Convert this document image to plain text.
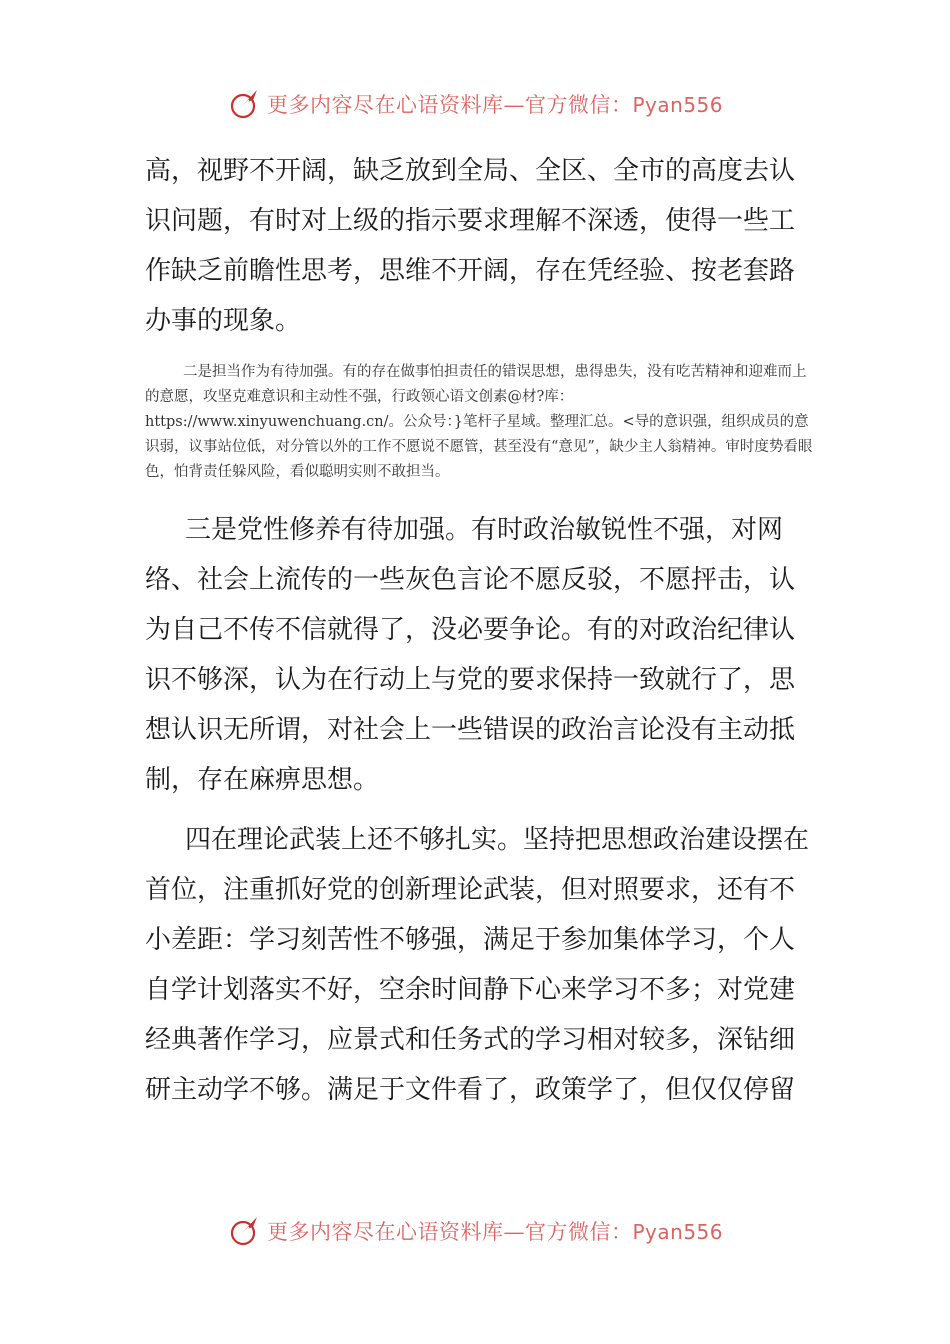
更多内容尽在心语资料库—官方微信：Pyan556

高，视野不开阔，缺乏放到全局、全区、全市的高度去认识问题，有时对上级的指示要求理解不深透，使得一些工作缺乏前瞻性思考，思维不开阔，存在凭经验、按老套路办事的现象。

二是担当作为有待加强。有的存在做事怕担责任的错误思想，患得患失，没有吃苦精神和迎难而上的意愿，攻坚克难意识和主动性不强，行政领心语文创素@材?库：https://www.xinyuwenchuang.cn/。公众号：}笔杆子星域。整理汇总。<导的意识强，组织成员的意识弱，议事站位低，对分管以外的工作不愿说不愿管，甚至没有“意见”，缺少主人翁精神。审时度势看眼色，怕背责任躲风险，看似聪明实则不敢担当。

三是党性修养有待加强。有时政治敏锐性不强，对网络、社会上流传的一些灰色言论不愿反驳，不愿抨击，认为自己不传不信就得了，没必要争论。有的对政治纪律认识不够深，认为在行动上与党的要求保持一致就行了，思想认识无所谓，对社会上一些错误的政治言论没有主动抵制，存在麻痹思想。

四在理论武装上还不够扎实。坚持把思想政治建设摆在首位，注重抓好党的创新理论武装，但对照要求，还有不小差距：学习刻苦性不够强，满足于参加集体学习，个人自学计划落实不好，空余时间静下心来学习不多；对党建经典著作学习，应景式和任务式的学习相对较多，深钻细研主动学不够。满足于文件看了，政策学了，但仅仅停留

更多内容尽在心语资料库—官方微信：Pyan556
